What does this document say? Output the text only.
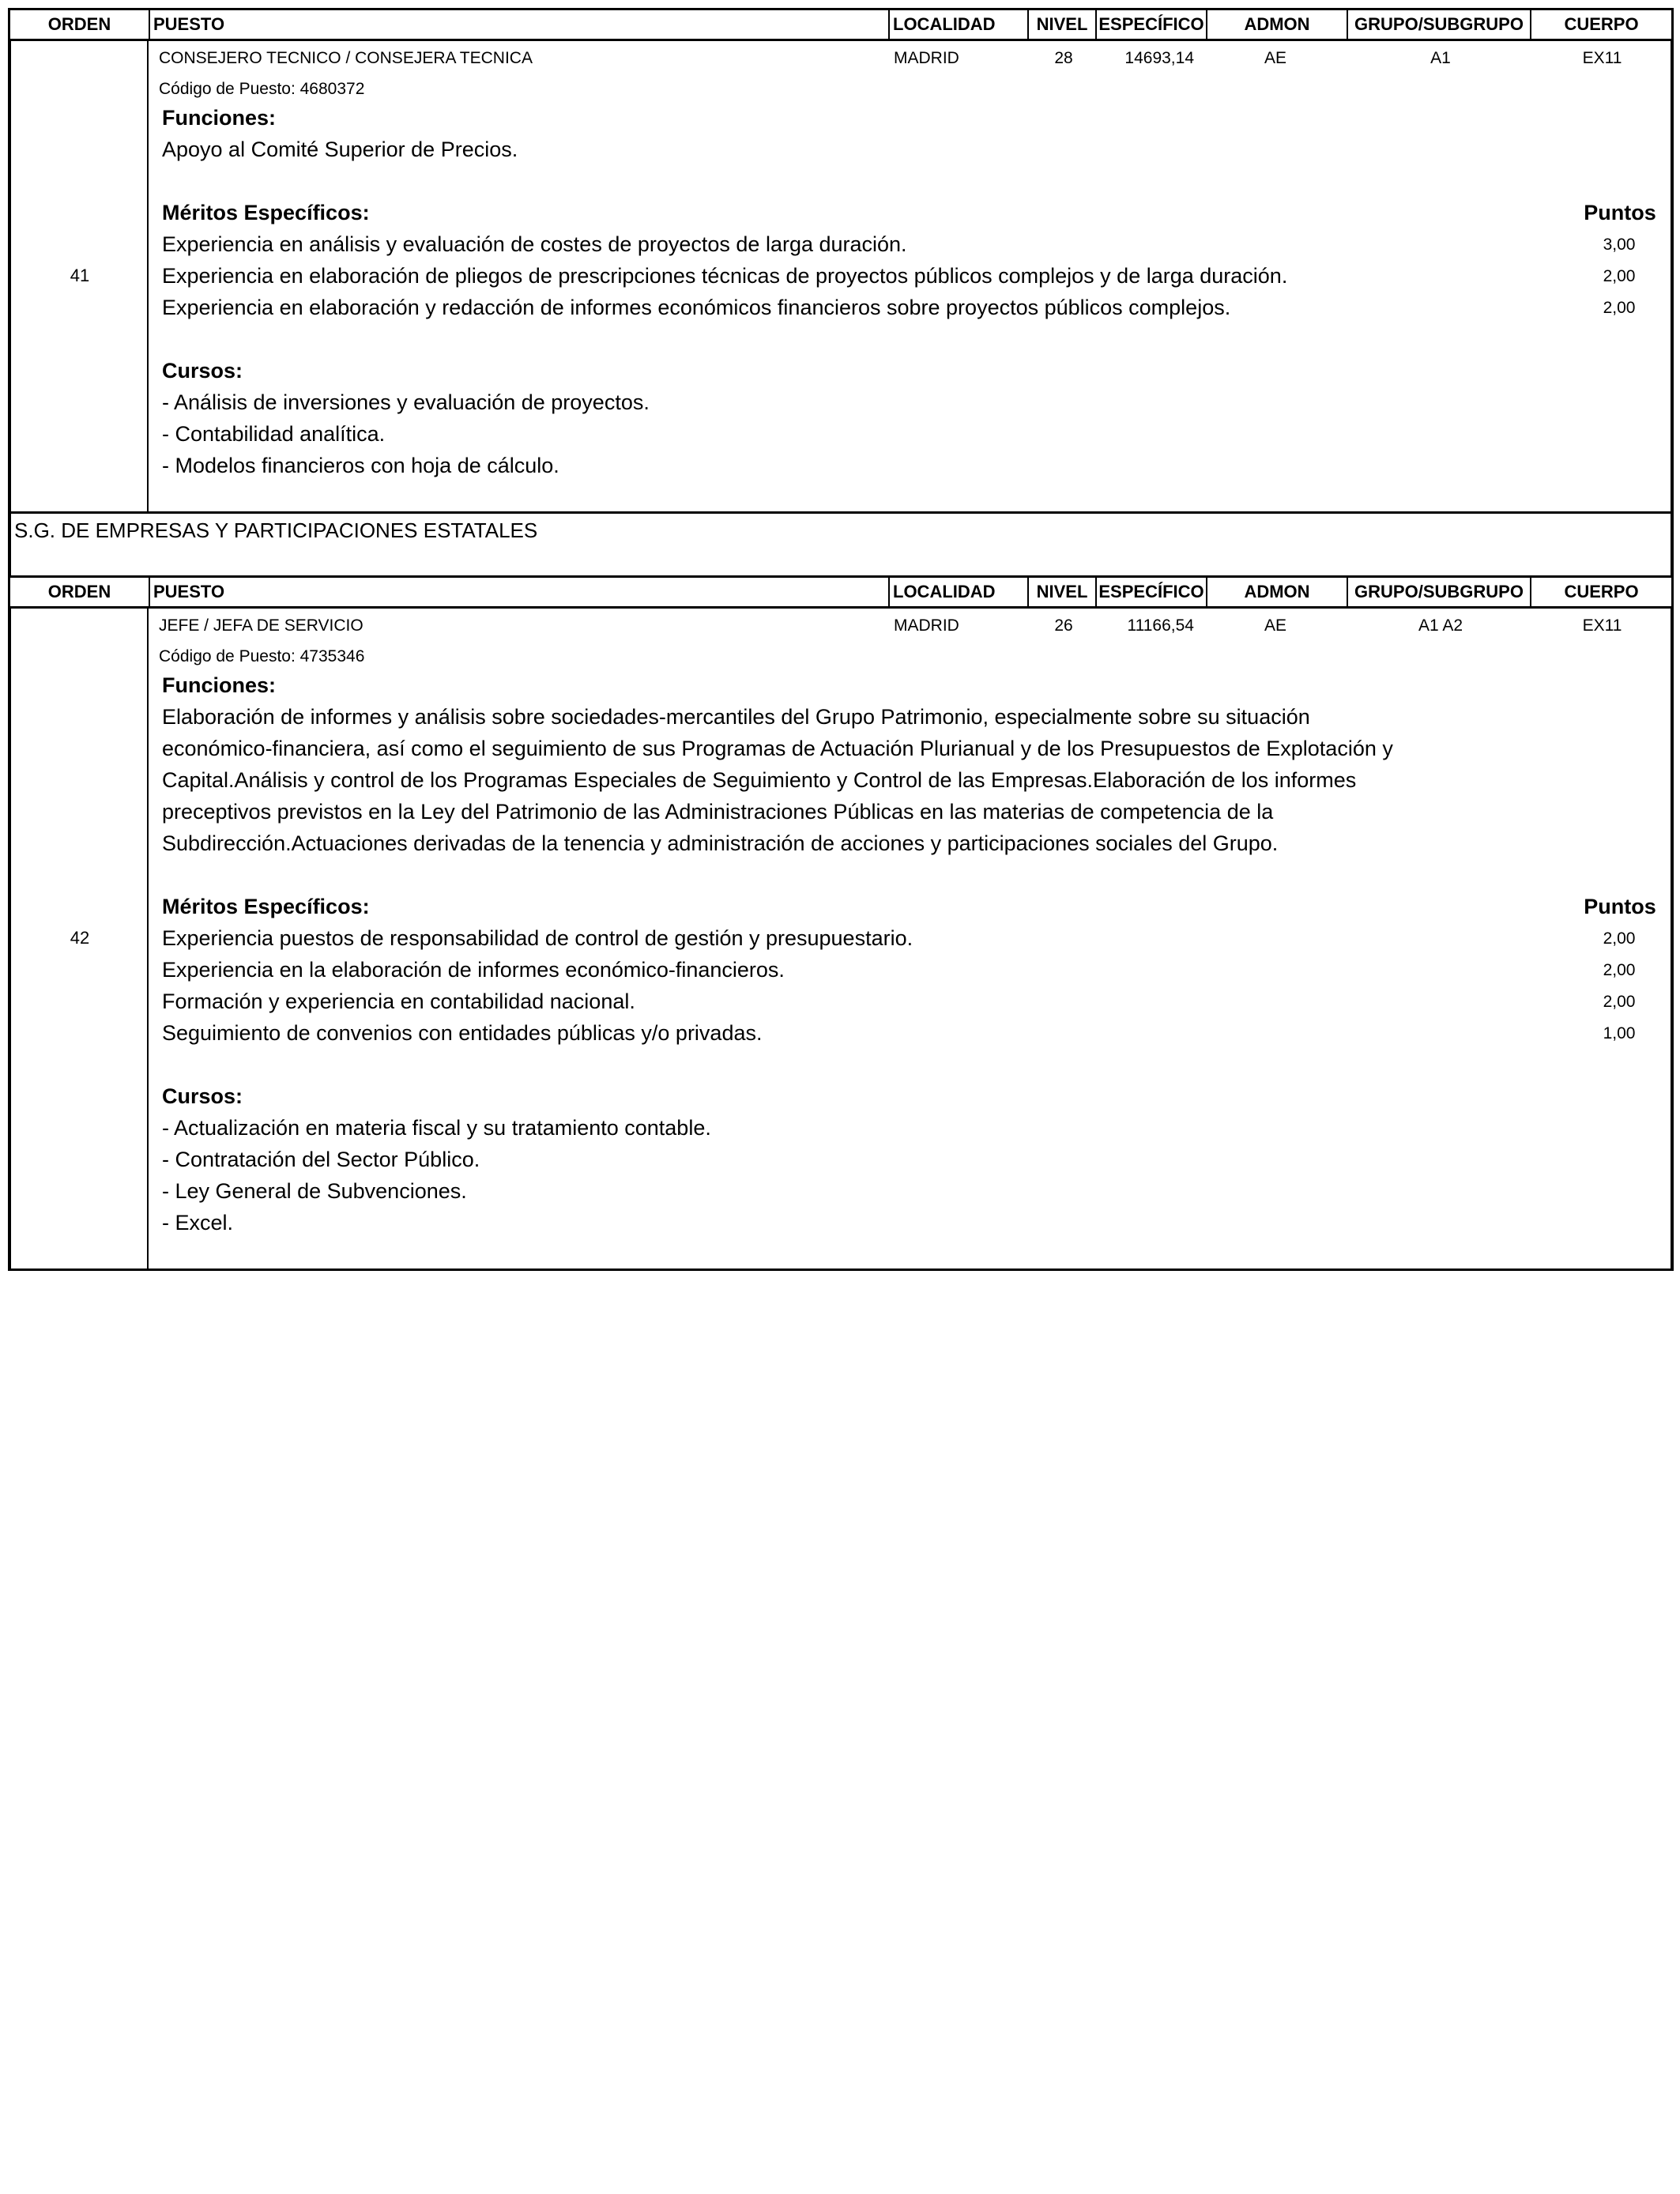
ORDEN	PUESTO	LOCALIDAD	NIVEL ESPECÍFICO	ADMON	GRUPO/SUBGRUPO	CUERPO
41
CONSEJERO TECNICO / CONSEJERA TECNICA	MADRID	28	14693,14	AE	A1	EX11
Código de Puesto: 4680372
Funciones:
Apoyo al Comité Superior de Precios.
Méritos Específicos:	Puntos
Experiencia en análisis y evaluación de costes de proyectos de larga duración.	3,00
Experiencia en elaboración de pliegos de prescripciones técnicas de proyectos públicos complejos y de larga duración.	2,00
Experiencia en elaboración y redacción de informes económicos financieros sobre proyectos públicos complejos.	2,00
Cursos:
- Análisis de inversiones y evaluación de proyectos.
- Contabilidad analítica.
- Modelos financieros con hoja de cálculo.
S.G. DE EMPRESAS Y PARTICIPACIONES ESTATALES
ORDEN	PUESTO	LOCALIDAD	NIVEL ESPECÍFICO	ADMON	GRUPO/SUBGRUPO	CUERPO
42
JEFE / JEFA DE SERVICIO	MADRID	26	11166,54	AE	A1 A2	EX11
Código de Puesto: 4735346
Funciones:
Elaboración de informes y análisis sobre sociedades-mercantiles del Grupo Patrimonio, especialmente sobre su situación
económico-financiera, así como el seguimiento de sus Programas de Actuación Plurianual y de los Presupuestos de Explotación y
Capital.Análisis y control de los Programas Especiales de Seguimiento y Control de las Empresas.Elaboración de los informes
preceptivos previstos en la Ley del Patrimonio de las Administraciones Públicas en las materias de competencia de la
Subdirección.Actuaciones derivadas de la tenencia y administración de acciones y participaciones sociales del Grupo.
Méritos Específicos:	Puntos
Experiencia puestos de responsabilidad de control de gestión y presupuestario.	2,00
Experiencia en la elaboración de informes económico-financieros.	2,00
Formación y experiencia en contabilidad nacional.	2,00
Seguimiento de convenios con entidades públicas y/o privadas.	1,00
Cursos:
- Actualización en materia fiscal y su tratamiento contable.
- Contratación del Sector Público.
- Ley General de Subvenciones.
- Excel.
